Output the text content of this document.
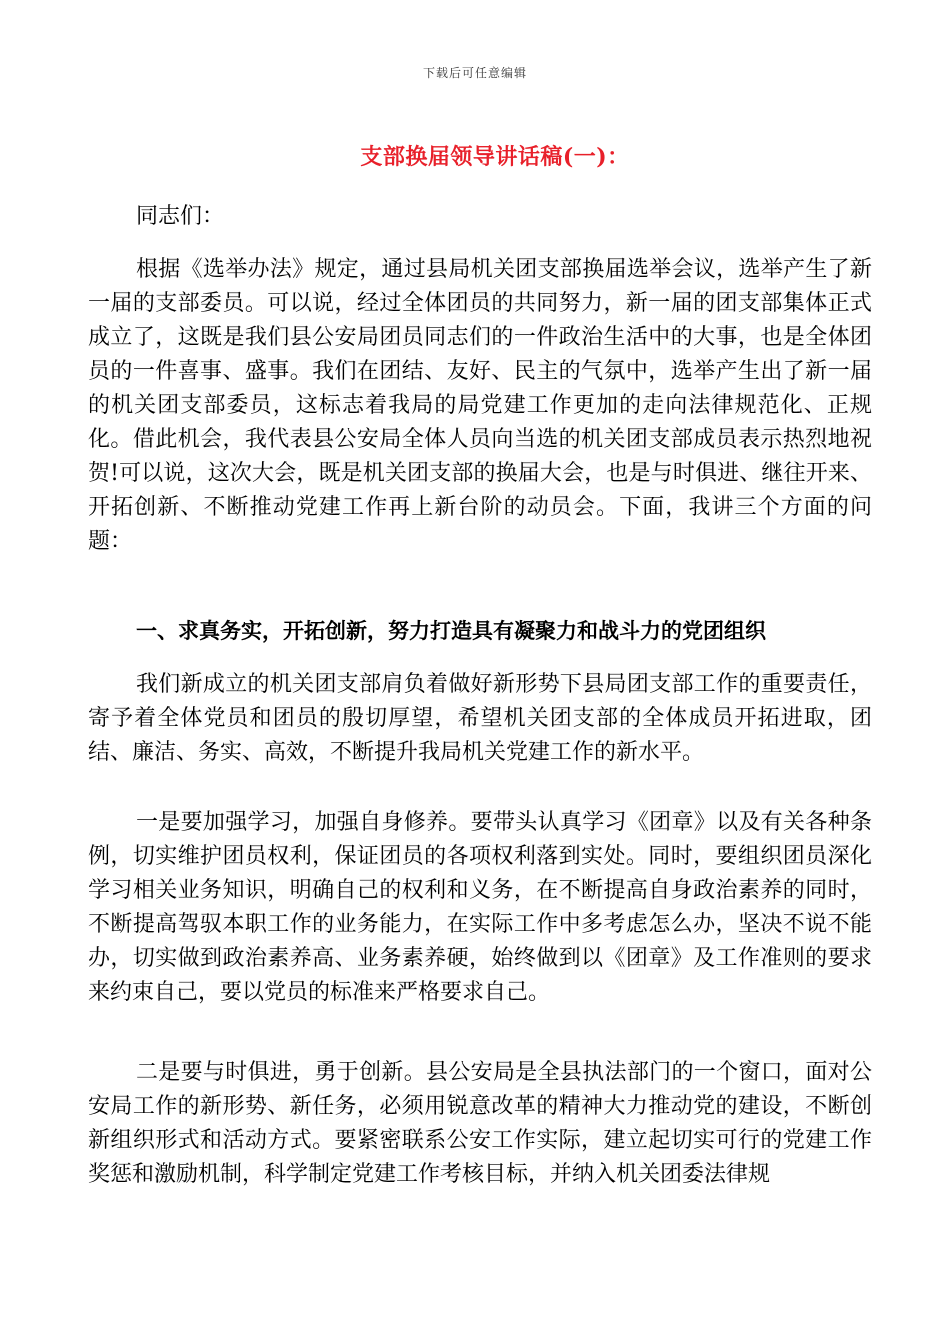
下载后可任意编辑
支部换届领导讲话稿(一)：

同志们：

根据《选举办法》规定，通过县局机关团支部换届选举会议，选举产生了新一届的支部委员。可以说，经过全体团员的共同努力，新一届的团支部集体正式成立了，这既是我们县公安局团员同志们的一件政治生活中的大事，也是全体团员的一件喜事、盛事。我们在团结、友好、民主的气氛中，选举产生出了新一届的机关团支部委员，这标志着我局的局党建工作更加的走向法律规范化、正规化。借此机会，我代表县公安局全体人员向当选的机关团支部成员表示热烈地祝贺!可以说，这次大会，既是机关团支部的换届大会，也是与时俱进、继往开来、开拓创新、不断推动党建工作再上新台阶的动员会。下面，我讲三个方面的问题：

一、求真务实，开拓创新，努力打造具有凝聚力和战斗力的党团组织

我们新成立的机关团支部肩负着做好新形势下县局团支部工作的重要责任，寄予着全体党员和团员的殷切厚望，希望机关团支部的全体成员开拓进取，团结、廉洁、务实、高效，不断提升我局机关党建工作的新水平。

一是要加强学习，加强自身修养。要带头认真学习《团章》以及有关各种条例，切实维护团员权利，保证团员的各项权利落到实处。同时，要组织团员深化学习相关业务知识，明确自己的权利和义务，在不断提高自身政治素养的同时，不断提高驾驭本职工作的业务能力，在实际工作中多考虑怎么办，坚决不说不能办，切实做到政治素养高、业务素养硬，始终做到以《团章》及工作准则的要求来约束自己，要以党员的标准来严格要求自己。

二是要与时俱进，勇于创新。县公安局是全县执法部门的一个窗口，面对公安局工作的新形势、新任务，必须用锐意改革的精神大力推动党的建设，不断创新组织形式和活动方式。要紧密联系公安工作实际，建立起切实可行的党建工作奖惩和激励机制，科学制定党建工作考核目标，并纳入机关团委法律规
